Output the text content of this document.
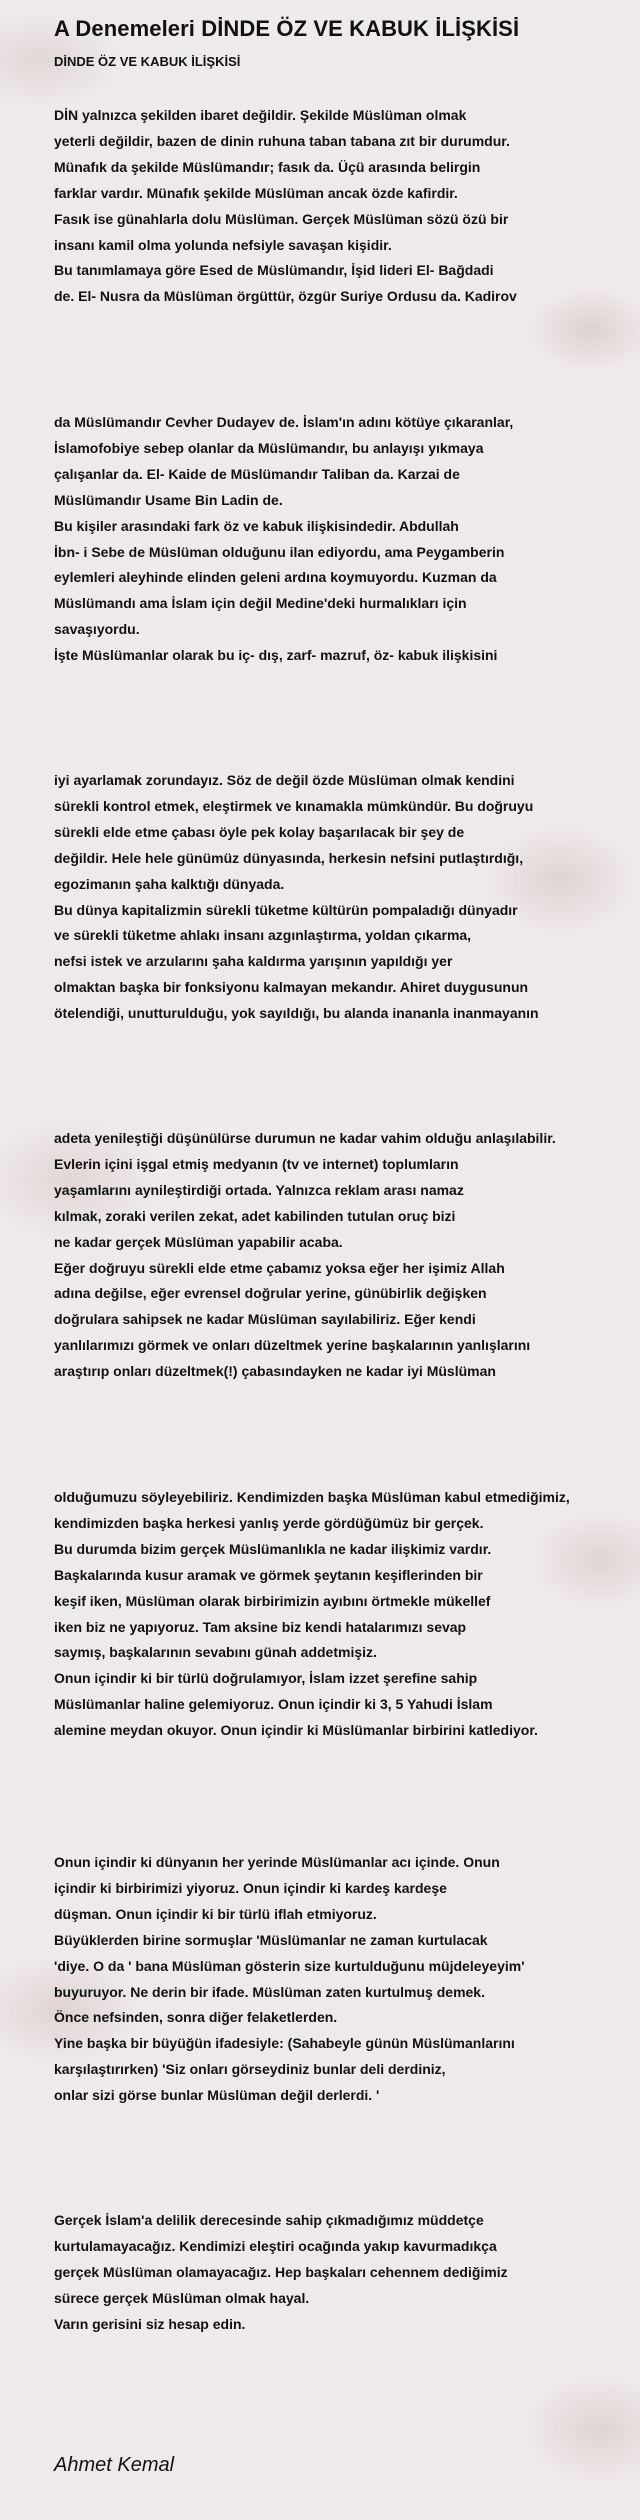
A Denemeleri DİNDE ÖZ VE KABUK İLİŞKİSİ
DİNDE ÖZ VE KABUK İLİŞKİSİ

DİN yalnızca şekilden ibaret değildir. Şekilde Müslüman olmak
yeterli değildir, bazen de dinin ruhuna taban tabana zıt bir durumdur.
Münafık da şekilde Müslümandır; fasık da. Üçü arasında belirgin
farklar vardır. Münafık şekilde Müslüman ancak özde kafirdir.
Fasık ise günahlarla dolu Müslüman. Gerçek Müslüman sözü özü bir
insanı kamil olma yolunda nefsiyle savaşan kişidir.
Bu tanımlamaya göre Esed de Müslümandır, İşid lideri El- Bağdadi
de. El- Nusra da Müslüman örgüttür, özgür Suriye Ordusu da. Kadirov

da Müslümandır Cevher Dudayev de. İslam'ın adını kötüye çıkaranlar,
İslamofobiye sebep olanlar da Müslümandır, bu anlayışı yıkmaya
çalışanlar da. El- Kaide de Müslümandır Taliban da. Karzai de
Müslümandır Usame Bin Ladin de.
Bu kişiler arasındaki fark öz ve kabuk ilişkisindedir. Abdullah
İbn- i Sebe de Müslüman olduğunu ilan ediyordu, ama Peygamberin
eylemleri aleyhinde elinden geleni ardına koymuyordu. Kuzman da
Müslümandı ama İslam için değil Medine'deki hurmalıkları için
savaşıyordu.
İşte Müslümanlar olarak bu iç- dış, zarf- mazruf, öz- kabuk ilişkisini

iyi ayarlamak zorundayız. Söz de değil özde Müslüman olmak kendini
sürekli kontrol etmek, eleştirmek ve kınamakla mümkündür. Bu doğruyu
sürekli elde etme çabası öyle pek kolay başarılacak bir şey de
değildir. Hele hele günümüz dünyasında, herkesin nefsini putlaştırdığı,
egozimanın şaha kalktığı dünyada.
Bu dünya kapitalizmin sürekli tüketme kültürün pompaladığı dünyadır
ve sürekli tüketme ahlakı insanı azgınlaştırma, yoldan çıkarma,
nefsi istek ve arzularını şaha kaldırma yarışının yapıldığı yer
olmaktan başka bir fonksiyonu kalmayan mekandır. Ahiret duygusunun
ötelendiği, unutturulduğu, yok sayıldığı, bu alanda inananla inanmayanın

adeta yenileştiği düşünülürse durumun ne kadar vahim olduğu anlaşılabilir.
Evlerin içini işgal etmiş medyanın (tv ve internet) toplumların
yaşamlarını aynileştirdiği ortada. Yalnızca reklam arası namaz
kılmak, zoraki verilen zekat, adet kabilinden tutulan oruç bizi
ne kadar gerçek Müslüman yapabilir acaba.
Eğer doğruyu sürekli elde etme çabamız yoksa eğer her işimiz Allah
adına değilse, eğer evrensel doğrular yerine, günübirlik değişken
doğrulara sahipsek ne kadar Müslüman sayılabiliriz. Eğer kendi
yanlılarımızı görmek ve onları düzeltmek yerine başkalarının yanlışlarını
araştırıp onları düzeltmek(!) çabasındayken ne kadar iyi Müslüman

olduğumuzu söyleyebiliriz. Kendimizden başka Müslüman kabul etmediğimiz,
kendimizden başka herkesi yanlış yerde gördüğümüz bir gerçek.
Bu durumda bizim gerçek Müslümanlıkla ne kadar ilişkimiz vardır.
Başkalarında kusur aramak ve görmek şeytanın keşiflerinden bir
keşif iken, Müslüman olarak birbirimizin ayıbını örtmekle mükellef
iken biz ne yapıyoruz. Tam aksine biz kendi hatalarımızı sevap
saymış, başkalarının sevabını günah addetmişiz.
Onun içindir ki bir türlü doğrulamıyor, İslam izzet şerefine sahip
Müslümanlar haline gelemiyoruz. Onun içindir ki 3, 5 Yahudi İslam
alemine meydan okuyor. Onun içindir ki Müslümanlar birbirini katlediyor.

Onun içindir ki dünyanın her yerinde Müslümanlar acı içinde. Onun
içindir ki birbirimizi yiyoruz. Onun içindir ki kardeş kardeşe
düşman. Onun içindir ki bir türlü iflah etmiyoruz.
Büyüklerden birine sormuşlar 'Müslümanlar ne zaman kurtulacak
'diye. O da ' bana Müslüman gösterin size kurtulduğunu müjdeleyeyim'
buyuruyor. Ne derin bir ifade. Müslüman zaten kurtulmuş demek.
Önce nefsinden, sonra diğer felaketlerden.
Yine başka bir büyüğün ifadesiyle: (Sahabeyle günün Müslümanlarını
karşılaştırırken) 'Siz onları görseydiniz bunlar deli derdiniz,
onlar sizi görse bunlar Müslüman değil derlerdi. '

Gerçek İslam'a delilik derecesinde sahip çıkmadığımız müddetçe
kurtulamayacağız. Kendimizi eleştiri ocağında yakıp kavurmadıkça
gerçek Müslüman olamayacağız. Hep başkaları cehennem dediğimiz
sürece gerçek Müslüman olmak hayal.
Varın gerisini siz hesap edin.

Ahmet Kemal
